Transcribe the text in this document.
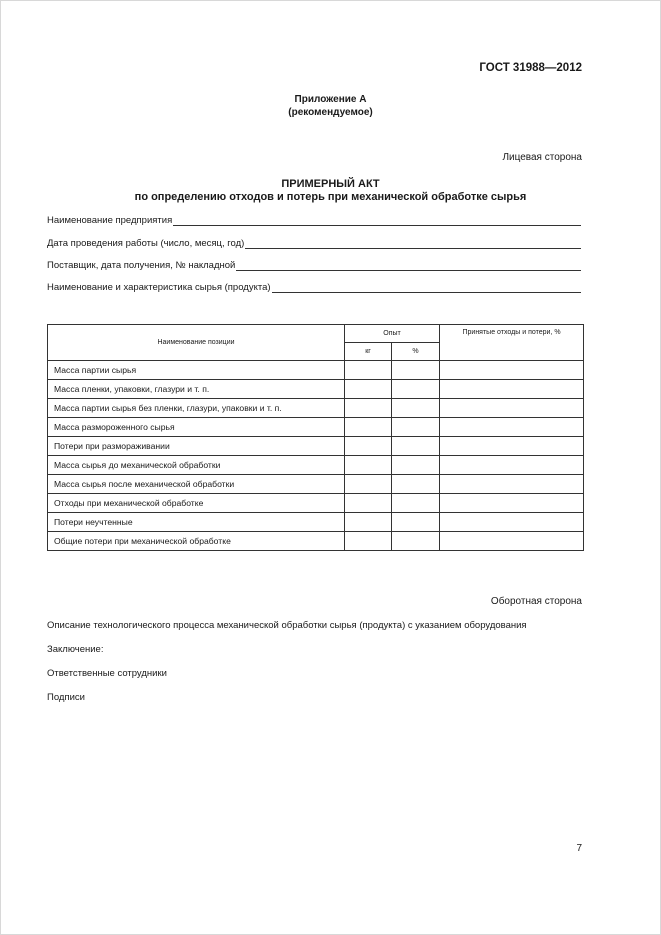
ГОСТ 31988—2012
Приложение А
(рекомендуемое)
Лицевая сторона
ПРИМЕРНЫЙ АКТ
по определению отходов и потерь при механической обработке сырья
Наименование предприятия
Дата проведения работы (число, месяц, год)
Поставщик, дата получения, № накладной
Наименование и характеристика сырья (продукта)
Наименование позиции	Опыт		Принятые отходы и потери, %
	кг	%	
Масса партии сырья			
Масса пленки, упаковки, глазури и т. п.			
Масса партии сырья без пленки, глазури, упаковки и т. п.			
Масса размороженного сырья			
Потери при размораживании			
Масса сырья до механической обработки			
Масса сырья после механической обработки			
Отходы при механической обработке			
Потери неучтенные			
Общие потери при механической обработке			
Оборотная сторона
Описание технологического процесса механической обработки сырья (продукта) с указанием оборудования
Заключение:
Ответственные сотрудники
Подписи
7
